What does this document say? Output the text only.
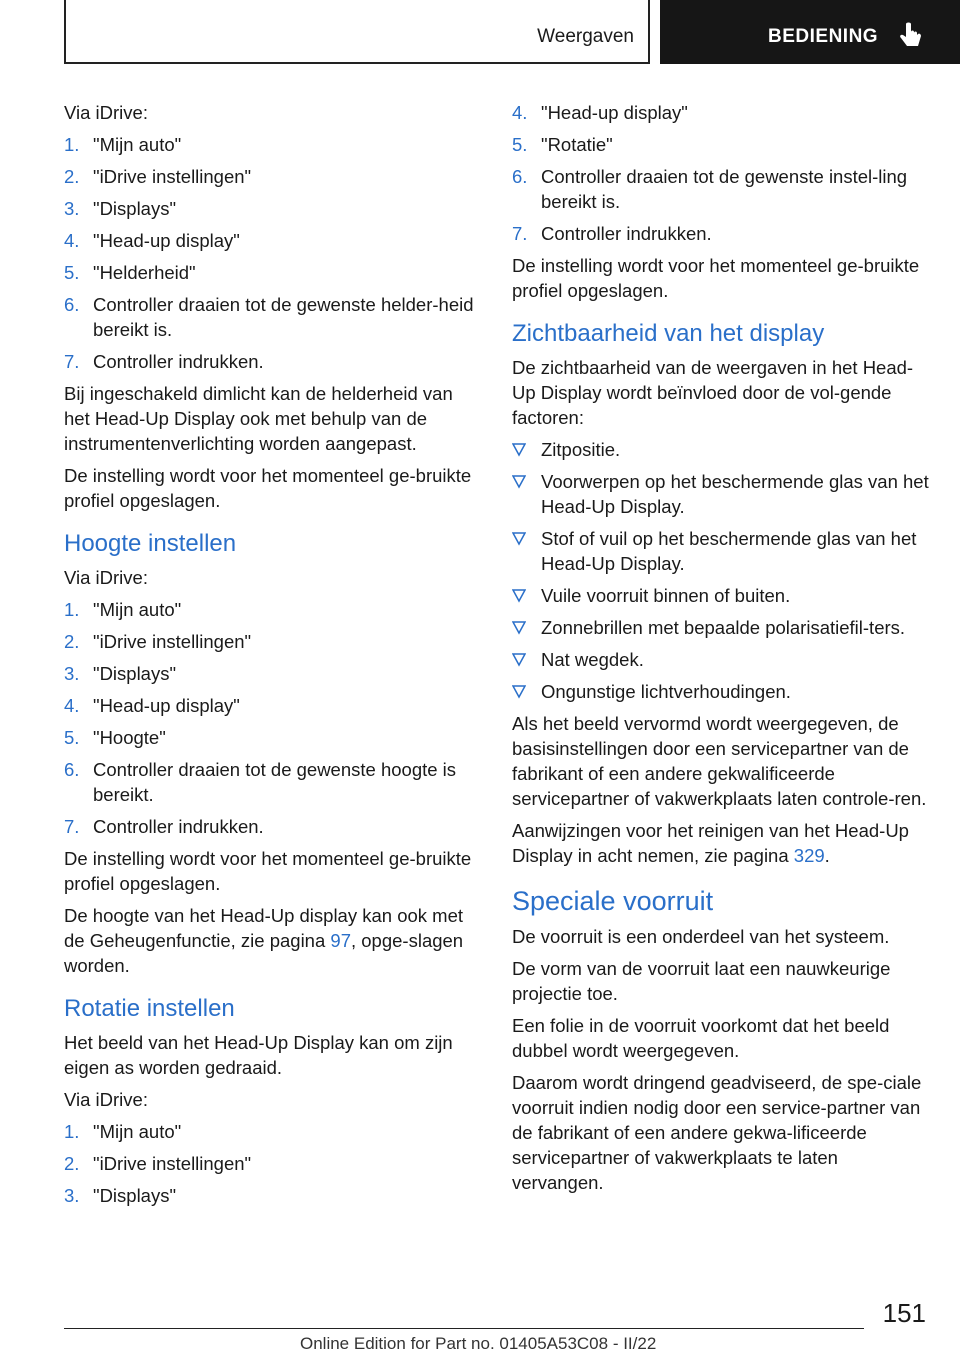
Weergaven	BEDIENING

Via iDrive:

1. "Mijn auto"
2. "iDrive instellingen"
3. "Displays"
4. "Head-up display"
5. "Helderheid"
6. Controller draaien tot de gewenste helder-heid bereikt is.
7. Controller indrukken.

Bij ingeschakeld dimlicht kan de helderheid van het Head-Up Display ook met behulp van de instrumentenverlichting worden aangepast.

De instelling wordt voor het momenteel ge-bruikte profiel opgeslagen.

Hoogte instellen

Via iDrive:

1. "Mijn auto"
2. "iDrive instellingen"
3. "Displays"
4. "Head-up display"
5. "Hoogte"
6. Controller draaien tot de gewenste hoogte is bereikt.
7. Controller indrukken.

De instelling wordt voor het momenteel ge-bruikte profiel opgeslagen.

De hoogte van het Head-Up display kan ook met de Geheugenfunctie, zie pagina 97, opge-slagen worden.

Rotatie instellen

Het beeld van het Head-Up Display kan om zijn eigen as worden gedraaid.

Via iDrive:

1. "Mijn auto"
2. "iDrive instellingen"
3. "Displays"
4. "Head-up display"
5. "Rotatie"
6. Controller draaien tot de gewenste instel-ling bereikt is.
7. Controller indrukken.

De instelling wordt voor het momenteel ge-bruikte profiel opgeslagen.

Zichtbaarheid van het display

De zichtbaarheid van de weergaven in het Head-Up Display wordt beïnvloed door de vol-gende factoren:

Zitpositie.
Voorwerpen op het beschermende glas van het Head-Up Display.
Stof of vuil op het beschermende glas van het Head-Up Display.
Vuile voorruit binnen of buiten.
Zonnebrillen met bepaalde polarisatiefil-ters.
Nat wegdek.
Ongunstige lichtverhoudingen.

Als het beeld vervormd wordt weergegeven, de basisinstellingen door een servicepartner van de fabrikant of een andere gekwalificeerde servicepartner of vakwerkplaats laten controle-ren.

Aanwijzingen voor het reinigen van het Head-Up Display in acht nemen, zie pagina 329.

Speciale voorruit

De voorruit is een onderdeel van het systeem.

De vorm van de voorruit laat een nauwkeurige projectie toe.

Een folie in de voorruit voorkomt dat het beeld dubbel wordt weergegeven.

Daarom wordt dringend geadviseerd, de spe-ciale voorruit indien nodig door een service-partner van de fabrikant of een andere gekwa-lificeerde servicepartner of vakwerkplaats te laten vervangen.

151
Online Edition for Part no. 01405A53C08 - II/22
